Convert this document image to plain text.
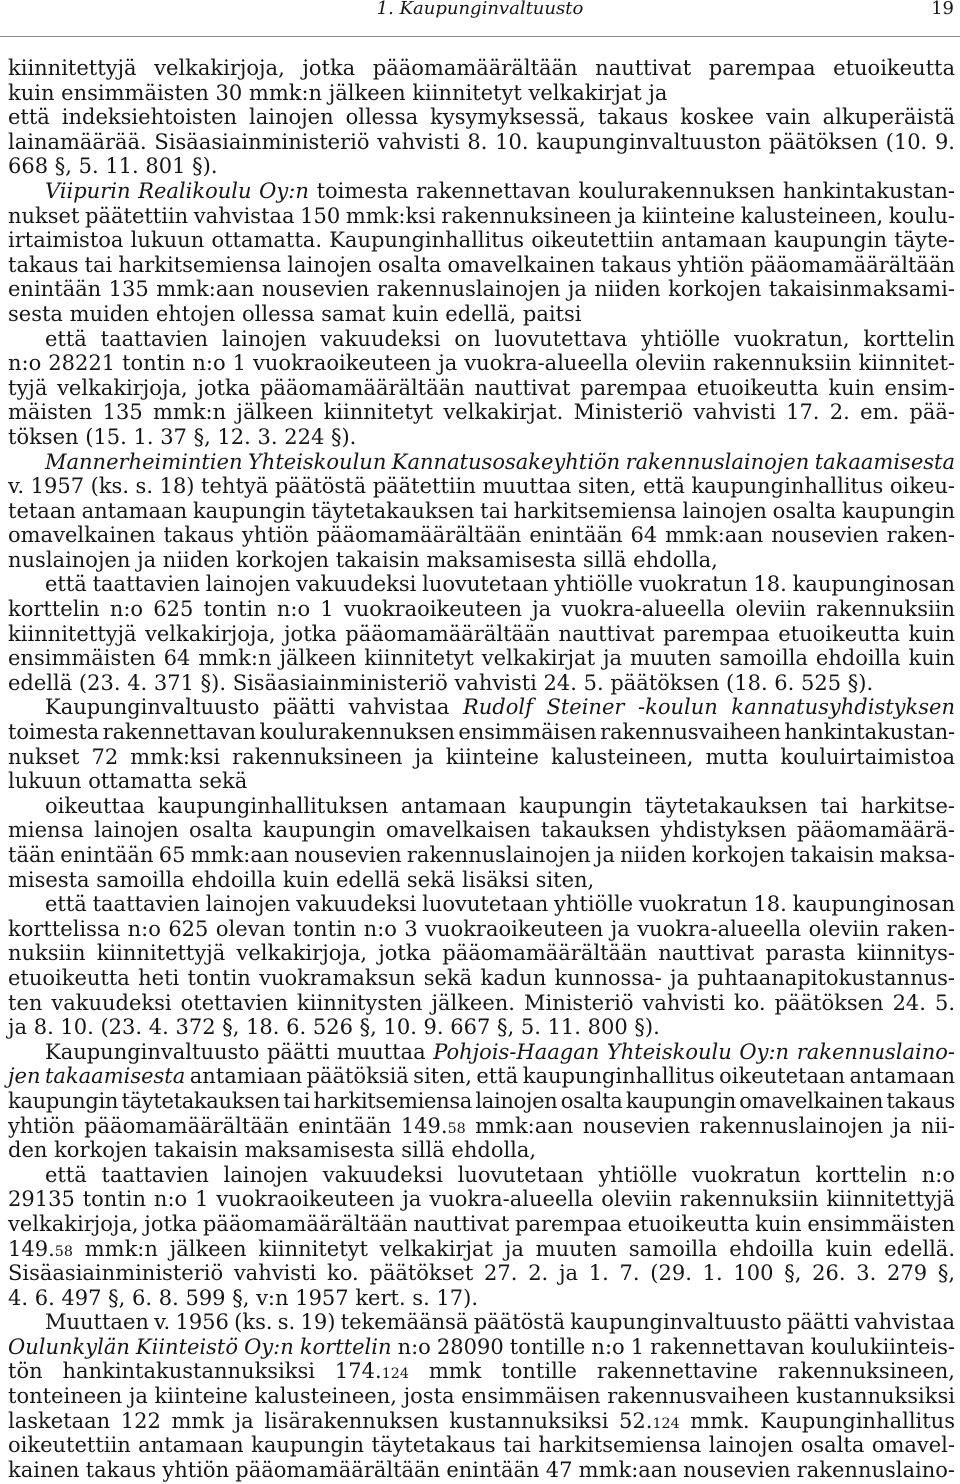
1. Kaupunginvaltuusto	19
kiinnitettyjä velkakirjoja, jotka pääomamäärältään nauttivat parempaa etuoikeutta
kuin ensimmäisten 30 mmk:n jälkeen kiinnitetyt velkakirjat ja
että indeksiehtoisten lainojen ollessa kysymyksessä, takaus koskee vain alkuperäistä
lainamäärää. Sisäasiainministeriö vahvisti 8. 10. kaupunginvaltuuston päätöksen (10. 9.
668 §, 5. 11. 801 §).
Viipurin Realikoulu Oy:n toimesta rakennettavan koulurakennuksen hankintakustan-
nukset päätettiin vahvistaa 150 mmk:ksi rakennuksineen ja kiinteine kalusteineen, koulu-
irtaimistoa lukuun ottamatta. Kaupunginhallitus oikeutettiin antamaan kaupungin täyte-
takaus tai harkitsemiensa lainojen osalta omavelkainen takaus yhtiön pääomamäärältään
enintään 135 mmk:aan nousevien rakennuslainojen ja niiden korkojen takaisinmaksami-
sesta muiden ehtojen ollessa samat kuin edellä, paitsi
että taattavien lainojen vakuudeksi on luovutettava yhtiölle vuokratun, korttelin
n:o 28221 tontin n:o 1 vuokraoikeuteen ja vuokra-alueella oleviin rakennuksiin kiinnitet-
tyjä velkakirjoja, jotka pääomamäärältään nauttivat parempaa etuoikeutta kuin ensim-
mäisten 135 mmk:n jälkeen kiinnitetyt velkakirjat. Ministeriö vahvisti 17. 2. em. pää-
töksen (15. 1. 37 §, 12. 3. 224 §).
Mannerheimintien Yhteiskoulun Kannatusosakeyhtiön rakennuslainojen takaamisesta
v. 1957 (ks. s. 18) tehtyä päätöstä päätettiin muuttaa siten, että kaupunginhallitus oikeu-
tetaan antamaan kaupungin täytetakauksen tai harkitsemiensa lainojen osalta kaupungin
omavelkainen takaus yhtiön pääomamäärältään enintään 64 mmk:aan nousevien raken-
nuslainojen ja niiden korkojen takaisin maksamisesta sillä ehdolla,
että taattavien lainojen vakuudeksi luovutetaan yhtiölle vuokratun 18. kaupunginosan
korttelin n:o 625 tontin n:o 1 vuokraoikeuteen ja vuokra-alueella oleviin rakennuksiin
kiinnitettyjä velkakirjoja, jotka pääomamäärältään nauttivat parempaa etuoikeutta kuin
ensimmäisten 64 mmk:n jälkeen kiinnitetyt velkakirjat ja muuten samoilla ehdoilla kuin
edellä (23. 4. 371 §). Sisäasiainministeriö vahvisti 24. 5. päätöksen (18. 6. 525 §).
Kaupunginvaltuusto päätti vahvistaa Rudolf Steiner -koulun kannatusyhdistyksen
toimesta rakennettavan koulurakennuksen ensimmäisen rakennusvaiheen hankintakustan-
nukset 72 mmk:ksi rakennuksineen ja kiinteine kalusteineen, mutta kouluirtaimistoa
lukuun ottamatta sekä
oikeuttaa kaupunginhallituksen antamaan kaupungin täytetakauksen tai harkitse-
miensa lainojen osalta kaupungin omavelkaisen takauksen yhdistyksen pääomamäärä-
tään enintään 65 mmk:aan nousevien rakennuslainojen ja niiden korkojen takaisin maksa-
misesta samoilla ehdoilla kuin edellä sekä lisäksi siten,
että taattavien lainojen vakuudeksi luovutetaan yhtiölle vuokratun 18. kaupunginosan
korttelissa n:o 625 olevan tontin n:o 3 vuokraoikeuteen ja vuokra-alueella oleviin raken-
nuksiin kiinnitettyjä velkakirjoja, jotka pääomamäärältään nauttivat parasta kiinnitys-
etuoikeutta heti tontin vuokramaksun sekä kadun kunnossa- ja puhtaanapitokustannus-
ten vakuudeksi otettavien kiinnitysten jälkeen. Ministeriö vahvisti ko. päätöksen 24. 5.
ja 8. 10. (23. 4. 372 §, 18. 6. 526 §, 10. 9. 667 §, 5. 11. 800 §).
Kaupunginvaltuusto päätti muuttaa Pohjois-Haagan Yhteiskoulu Oy:n rakennuslaino-
jen takaamisesta antamiaan päätöksiä siten, että kaupunginhallitus oikeutetaan antamaan
kaupungin täytetakauksen tai harkitsemiensa lainojen osalta kaupungin omavelkainen takaus
yhtiön pääomamäärältään enintään 149.58 mmk:aan nousevien rakennuslainojen ja nii-
den korkojen takaisin maksamisesta sillä ehdolla,
että taattavien lainojen vakuudeksi luovutetaan yhtiölle vuokratun korttelin n:o
29135 tontin n:o 1 vuokraoikeuteen ja vuokra-alueella oleviin rakennuksiin kiinnitettyjä
velkakirjoja, jotka pääomamäärältään nauttivat parempaa etuoikeutta kuin ensimmäisten
149.58 mmk:n jälkeen kiinnitetyt velkakirjat ja muuten samoilla ehdoilla kuin edellä.
Sisäasiainministeriö vahvisti ko. päätökset 27. 2. ja 1. 7. (29. 1. 100 §, 26. 3. 279 §,
4. 6. 497 §, 6. 8. 599 §, v:n 1957 kert. s. 17).
Muuttaen v. 1956 (ks. s. 19) tekemäänsä päätöstä kaupunginvaltuusto päätti vahvistaa
Oulunkylän Kiinteistö Oy:n korttelin n:o 28090 tontille n:o 1 rakennettavan koulukiinteis-
tön hankintakustannuksiksi 174.124 mmk tontille rakennettavine rakennuksineen,
tonteineen ja kiinteine kalusteineen, josta ensimmäisen rakennusvaiheen kustannuksiksi
lasketaan 122 mmk ja lisärakennuksen kustannuksiksi 52.124 mmk. Kaupunginhallitus
oikeutettiin antamaan kaupungin täytetakaus tai harkitsemiensa lainojen osalta omavel-
kainen takaus yhtiön pääomamäärältään enintään 47 mmk:aan nousevien rakennuslaino-
